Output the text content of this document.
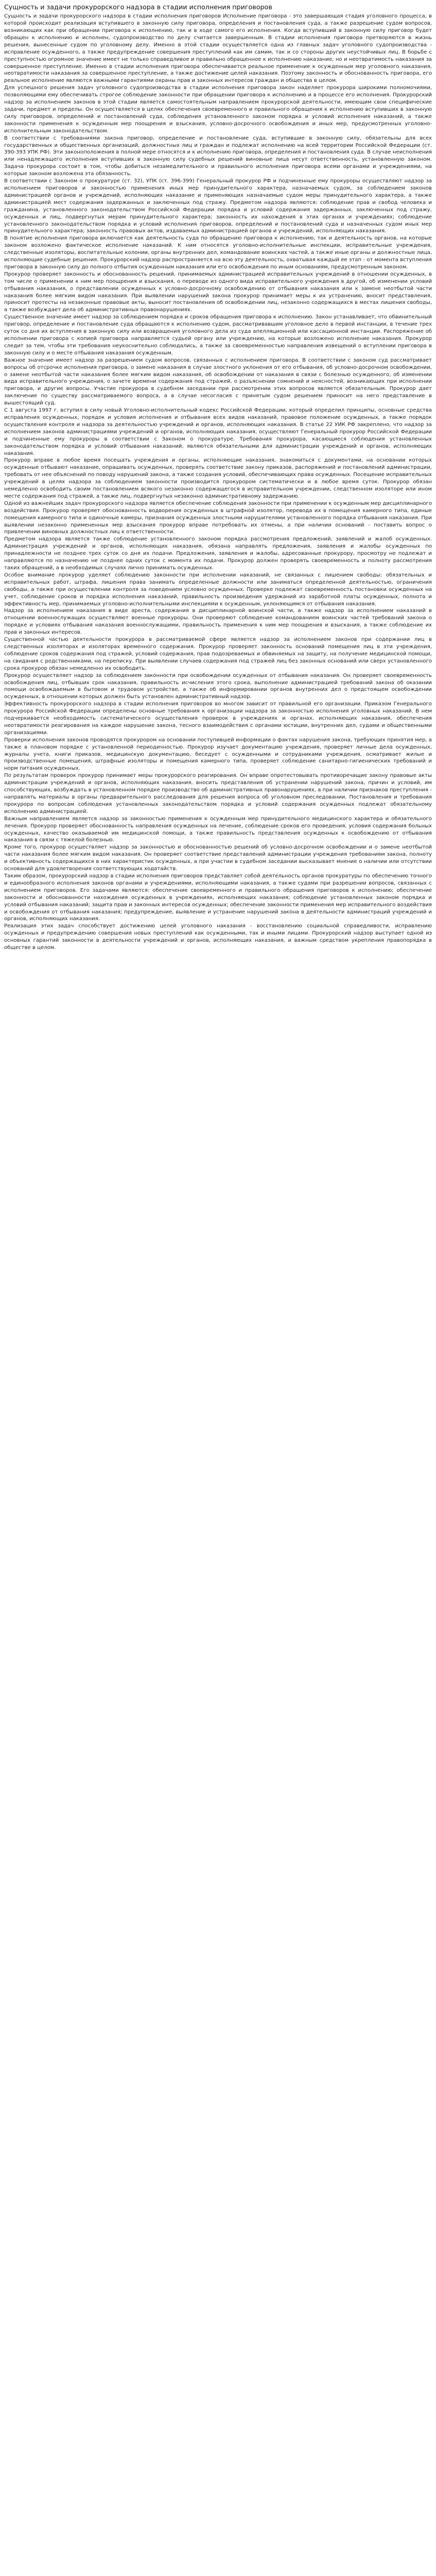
Сущность и задачи прокурорского надзора в стадии исполнения приговоров

Сущность и задачи прокурорского надзора в стадии исполнения приговоров Исполнение приговора - это завершающая стадия уголовного процесса, в которой происходит реализация вступившего в законную силу приговора, определения и постановления суда, а также разрешение судом вопросов, возникающих как при обращении приговора к исполнению, так и в ходе самого его исполнения. Когда вступивший в законную силу приговор будет обращен к исполнению и исполнен, судопроизводство по делу считается завершенным. В стадии исполнения приговора претворяются в жизнь решения, вынесенные судом по уголовному делу. Именно в этой стадии осуществляется одна из главных задач уголовного судопроизводства - исправление осужденного, а также предупреждение совершения преступлений как им самим, так и со стороны других неустойчивых лиц. В борьбе с преступностью огромное значение имеет не только справедливое и правильно обращенное к исполнению наказание, но и неотвратимость наказания за совершенное преступление. Именно в стадии исполнения приговора обеспечивается реальное применение к осужденным мер уголовного наказания, неотвратимости наказания за совершенное преступление, а также достижение целей наказания. Поэтому законность и обоснованность приговора, его реальное исполнение являются важными гарантиями охраны прав и законных интересов граждан и общества в целом.

Для успешного решения задач уголовного судопроизводства в стадии исполнения приговора закон наделяет прокурора широкими полномочиями, позволяющими ему обеспечивать строгое соблюдение законности при обращении приговора к исполнению и в процессе его исполнения. Прокурорский надзор за исполнением законов в этой стадии является самостоятельным направлением прокурорской деятельности, имеющим свои специфические задачи, предмет и пределы. Он осуществляется в целях обеспечения своевременного и правильного обращения к исполнению вступивших в законную силу приговоров, определений и постановлений суда, соблюдения установленного законом порядка и условий исполнения наказаний, а также законности применения к осужденным мер поощрения и взыскания, условно-досрочного освобождения и иных мер, предусмотренных уголовно-исполнительным законодательством.

В соответствии с требованиями закона приговор, определение и постановление суда, вступившие в законную силу, обязательны для всех государственных и общественных организаций, должностных лиц и граждан и подлежат исполнению на всей территории Российской Федерации (ст. 390-393 УПК РФ). Эти законоположения в полной мере относятся и к исполнению приговора, определения и постановления суда. В случае неисполнения или ненадлежащего исполнения вступивших в законную силу судебных решений виновные лица несут ответственность, установленную законом. Задача прокурора состоит в том, чтобы добиться незамедлительного и правильного исполнения приговора всеми органами и учреждениями, на которые законом возложена эта обязанность.

В соответствии с Законом о прокуратуре (ст. 32), УПК (ст. 396-399) Генеральный прокурор РФ и подчиненные ему прокуроры осуществляют надзор за исполнением приговоров и законностью применения иных мер принудительного характера, назначаемых судом, за соблюдением законов администрацией органов и учреждений, исполняющих наказание и применяющих назначаемые судом меры принудительного характера, а также администрацией мест содержания задержанных и заключенных под стражу. Предметом надзора являются: соблюдение прав и свобод человека и гражданина, установленного законодательством Российской Федерации порядка и условий содержания задержанных, заключенных под стражу, осужденных и лиц, подвергнутых мерам принудительного характера; законность их нахождения в этих органах и учреждениях; соблюдение установленного законодательством порядка и условий исполнения приговоров, определений и постановлений суда и назначенных судом иных мер принудительного характера; законность правовых актов, издаваемых администрацией органов и учреждений, исполняющих наказания.

В понятие исполнения приговора включается как деятельность суда по обращению приговора к исполнению, так и деятельность органов, на которые законом возложено фактическое исполнение наказаний. К ним относятся уголовно-исполнительные инспекции, исправительные учреждения, следственные изоляторы, воспитательные колонии, органы внутренних дел, командование воинских частей, а также иные органы и должностные лица, исполняющие судебные решения. Прокурорский надзор распространяется на всю эту деятельность, охватывая каждый ее этап - от момента вступления приговора в законную силу до полного отбытия осужденным наказания или его освобождения по иным основаниям, предусмотренным законом.

Прокурор проверяет законность и обоснованность решений, принимаемых администрацией исправительных учреждений в отношении осужденных, в том числе о применении к ним мер поощрения и взыскания, о переводе из одного вида исправительного учреждения в другой, об изменении условий отбывания наказания, о представлении осужденных к условно-досрочному освобождению от отбывания наказания или к замене неотбытой части наказания более мягким видом наказания. При выявлении нарушений закона прокурор принимает меры к их устранению, вносит представления, приносит протесты на незаконные правовые акты, выносит постановления об освобождении лиц, незаконно содержащихся в местах лишения свободы, а также возбуждает дела об административных правонарушениях.

Существенное значение имеет надзор за соблюдением порядка и сроков обращения приговора к исполнению. Закон устанавливает, что обвинительный приговор, определение и постановление суда обращаются к исполнению судом, рассматривавшим уголовное дело в первой инстанции, в течение трех суток со дня их вступления в законную силу или возвращения уголовного дела из суда апелляционной или кассационной инстанции. Распоряжение об исполнении приговора с копией приговора направляется судьей органу или учреждению, на которые возложено исполнение наказания. Прокурор следит за тем, чтобы эти требования неукоснительно соблюдались, а также за своевременностью направления извещений о вступлении приговора в законную силу и о месте отбывания наказания осужденным.

Важное значение имеет надзор за разрешением судом вопросов, связанных с исполнением приговора. В соответствии с законом суд рассматривает вопросы об отсрочке исполнения приговора, о замене наказания в случае злостного уклонения от его отбывания, об условно-досрочном освобождении, о замене неотбытой части наказания более мягким видом наказания, об освобождении от наказания в связи с болезнью осужденного, об изменении вида исправительного учреждения, о зачете времени содержания под стражей, о разъяснении сомнений и неясностей, возникающих при исполнении приговора, и другие вопросы. Участие прокурора в судебном заседании при рассмотрении этих вопросов является обязательным. Прокурор дает заключение по существу рассматриваемого вопроса, а в случае несогласия с принятым судом решением приносит на него представление в вышестоящий суд.

С 1 августа 1997 г. вступил в силу новый Уголовно-исполнительный кодекс Российской Федерации, который определил принципы, основные средства исправления осужденных, порядок и условия исполнения и отбывания всех видов наказаний, правовое положение осужденных, а также порядок осуществления контроля и надзора за деятельностью учреждений и органов, исполняющих наказания. В статье 22 УИК РФ закреплено, что надзор за исполнением законов администрациями учреждений и органов, исполняющих наказания, осуществляют Генеральный прокурор Российской Федерации и подчиненные ему прокуроры в соответствии с Законом о прокуратуре. Требования прокурора, касающиеся соблюдения установленных законодательством порядка и условий отбывания наказаний, являются обязательными для администрации учреждений и органов, исполняющих наказания.

Прокурор вправе в любое время посещать учреждения и органы, исполняющие наказания, знакомиться с документами, на основании которых осужденные отбывают наказание, опрашивать осужденных, проверять соответствие закону приказов, распоряжений и постановлений администрации, требовать от нее объяснений по поводу нарушений закона, а также создания условий, обеспечивающих права осужденных. Посещение исправительных учреждений в целях надзора за соблюдением законности производится прокурором систематически и в любое время суток. Прокурор обязан немедленно освободить своим постановлением всякого незаконно содержащегося в исправительном учреждении, следственном изоляторе или ином месте содержания под стражей, а также лиц, подвергнутых незаконно административному задержанию.

Одной из важнейших задач прокурорского надзора является обеспечение соблюдения законности при применении к осужденным мер дисциплинарного воздействия. Прокурор проверяет обоснованность водворения осужденных в штрафной изолятор, перевода их в помещения камерного типа, единые помещения камерного типа и одиночные камеры, признания осужденных злостными нарушителями установленного порядка отбывания наказания. При выявлении незаконно примененных мер взыскания прокурор вправе потребовать их отмены, а при наличии оснований - поставить вопрос о привлечении виновных должностных лиц к ответственности.

Предметом надзора является также соблюдение установленного законом порядка рассмотрения предложений, заявлений и жалоб осужденных. Администрация учреждений и органов, исполняющих наказания, обязана направлять предложения, заявления и жалобы осужденных по принадлежности не позднее трех суток со дня их подачи. Предложения, заявления и жалобы, адресованные прокурору, просмотру не подлежат и направляются по назначению не позднее одних суток с момента их подачи. Прокурор должен проверять своевременность и полноту рассмотрения таких обращений, а в необходимых случаях лично принимать осужденных.

Особое внимание прокурор уделяет соблюдению законности при исполнении наказаний, не связанных с лишением свободы: обязательных и исправительных работ, штрафа, лишения права занимать определенные должности или заниматься определенной деятельностью, ограничения свободы, а также при осуществлении контроля за поведением условно осужденных. Проверке подлежат своевременность постановки осужденных на учет, соблюдение сроков и порядка исполнения наказаний, правильность произведения удержаний из заработной платы осужденных, полнота и эффективность мер, принимаемых уголовно-исполнительными инспекциями к осужденным, уклоняющимся от отбывания наказания.

Надзор за исполнением наказания в виде ареста, содержания в дисциплинарной воинской части, а также надзор за исполнением наказаний в отношении военнослужащих осуществляют военные прокуроры. Они проверяют соблюдение командованием воинских частей требований закона о порядке и условиях отбывания наказания военнослужащими, правильность применения к ним мер поощрения и взыскания, а также соблюдение их прав и законных интересов.

Существенной частью деятельности прокурора в рассматриваемой сфере является надзор за исполнением законов при содержании лиц в следственных изоляторах и изоляторах временного содержания. Прокурор проверяет законность оснований помещения лиц в эти учреждения, соблюдение сроков содержания под стражей, условий содержания, прав подозреваемых и обвиняемых на защиту, на получение медицинской помощи, на свидания с родственниками, на переписку. При выявлении случаев содержания под стражей лиц без законных оснований или сверх установленного срока прокурор обязан немедленно их освободить.

Прокурор осуществляет надзор за соблюдением законности при освобождении осужденных от отбывания наказания. Он проверяет своевременность освобождения лиц, отбывших срок наказания, правильность исчисления этого срока, выполнение администрацией требований закона об оказании помощи освобождаемым в бытовом и трудовом устройстве, а также об информировании органов внутренних дел о предстоящем освобождении осужденных, в отношении которых должен быть установлен административный надзор.

Эффективность прокурорского надзора в стадии исполнения приговоров во многом зависит от правильной его организации. Приказом Генерального прокурора Российской Федерации определены основные требования к организации надзора за законностью исполнения уголовных наказаний. В нем подчеркивается необходимость систематического осуществления проверок в учреждениях и органах, исполняющих наказания, обеспечения неотвратимости реагирования на каждое нарушение закона, тесного взаимодействия с органами юстиции, внутренних дел, судами и общественными организациями.

Проверки исполнения законов проводятся прокурором на основании поступившей информации о фактах нарушения закона, требующих принятия мер, а также в плановом порядке с установленной периодичностью. Прокурор изучает документацию учреждения, проверяет личные дела осужденных, журналы учета, книги приказов, медицинскую документацию, беседует с осужденными и сотрудниками учреждения, осматривает жилые и производственные помещения, штрафные изоляторы и помещения камерного типа, проверяет соблюдение санитарно-гигиенических требований и норм питания осужденных.

По результатам проверок прокурор принимает меры прокурорского реагирования. Он вправе опротестовывать противоречащие закону правовые акты администрации учреждений и органов, исполняющих наказания, вносить представления об устранении нарушений закона, причин и условий, им способствующих, возбуждать в установленном порядке производство об административных правонарушениях, а при наличии признаков преступления - направлять материалы в органы предварительного расследования для решения вопроса об уголовном преследовании. Постановления и требования прокурора по вопросам соблюдения установленных законодательством порядка и условий содержания осужденных подлежат обязательному исполнению администрацией.

Важным направлением является надзор за законностью применения к осужденным мер принудительного медицинского характера и обязательного лечения. Прокурор проверяет обоснованность направления осужденных на лечение, соблюдение сроков его проведения, условия содержания больных осужденных, качество оказываемой им медицинской помощи, а также правильность представления осужденных к освобождению от отбывания наказания в связи с тяжелой болезнью.

Кроме того, прокурор осуществляет надзор за законностью и обоснованностью решений об условно-досрочном освобождении и о замене неотбытой части наказания более мягким видом наказания. Он проверяет соответствие представлений администрации учреждения требованиям закона, полноту и объективность содержащихся в них характеристик осужденных, а при участии в судебном заседании высказывает мнение о наличии или отсутствии оснований для удовлетворения соответствующих ходатайств.

Таким образом, прокурорский надзор в стадии исполнения приговоров представляет собой деятельность органов прокуратуры по обеспечению точного и единообразного исполнения законов органами и учреждениями, исполняющими наказания, а также судами при разрешении вопросов, связанных с исполнением приговоров. Его задачами являются: обеспечение своевременного и правильного обращения приговоров к исполнению; обеспечение законности и обоснованности нахождения осужденных в учреждениях, исполняющих наказания; соблюдение установленных законом порядка и условий отбывания наказаний; защита прав и законных интересов осужденных; обеспечение законности применения мер исправительного воздействия и освобождения от отбывания наказания; предупреждение, выявление и устранение нарушений закона в деятельности администраций учреждений и органов, исполняющих наказания.

Реализация этих задач способствует достижению целей уголовного наказания - восстановлению социальной справедливости, исправлению осужденных и предупреждению совершения новых преступлений как осужденными, так и иными лицами. Прокурорский надзор выступает одной из основных гарантий законности в деятельности учреждений и органов, исполняющих наказания, и важным средством укрепления правопорядка в обществе в целом.
